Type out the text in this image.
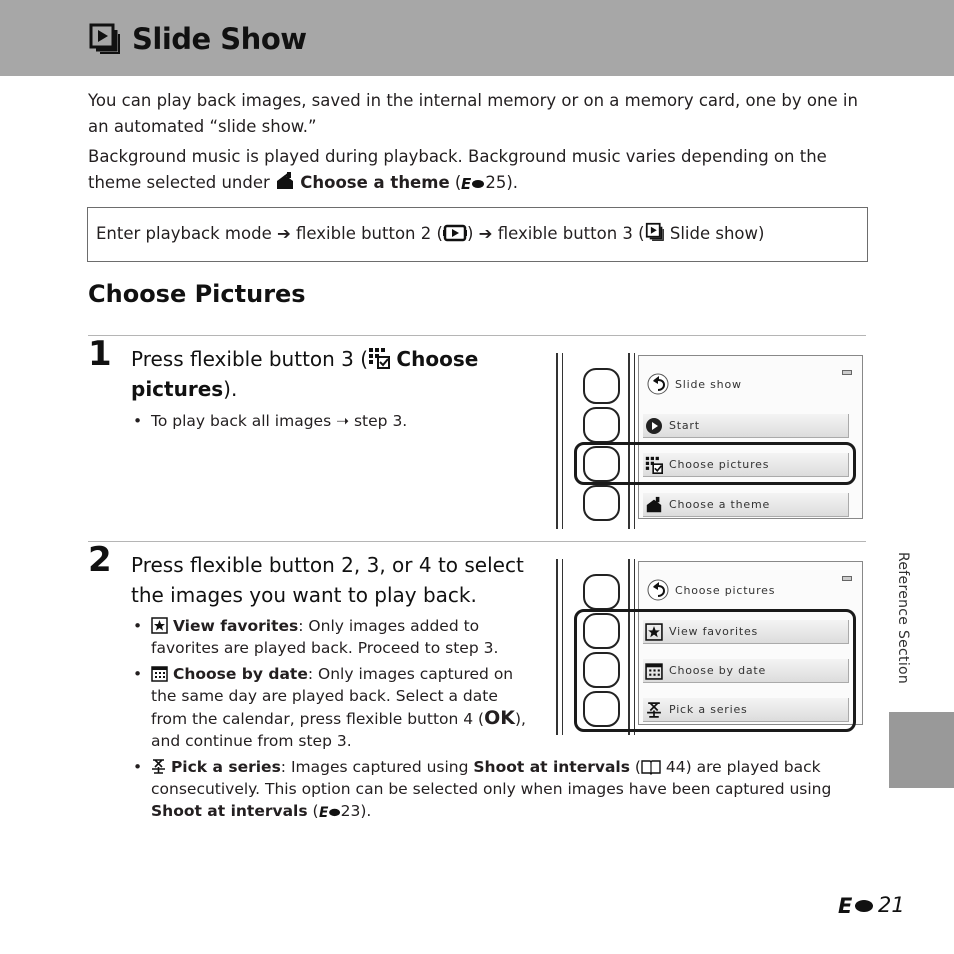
Slide Show
You can play back images, saved in the internal memory or on a memory card, one by one in an automated “slide show.”
Background music is played during playback. Background music varies depending on the theme selected under  Choose a theme ( E 25).
Enter playback mode ➔ flexible button 2 ( ) ➔ flexible button 3 ( Slide show)
Choose Pictures
1 Press flexible button 3 ( Choose pictures).
• To play back all images ➝ step 3.
Slide show
Start
Choose pictures
Choose a theme
2 Press flexible button 2, 3, or 4 to select the images you want to play back.
• View favorites: Only images added to favorites are played back. Proceed to step 3.
• Choose by date: Only images captured on the same day are played back. Select a date from the calendar, press flexible button 4 (OK), and continue from step 3.
• Pick a series: Images captured using Shoot at intervals ( 44) are played back consecutively. This option can be selected only when images have been captured using Shoot at intervals ( E 23).
Choose pictures
View favorites
Choose by date
Pick a series
Reference Section
E 21
